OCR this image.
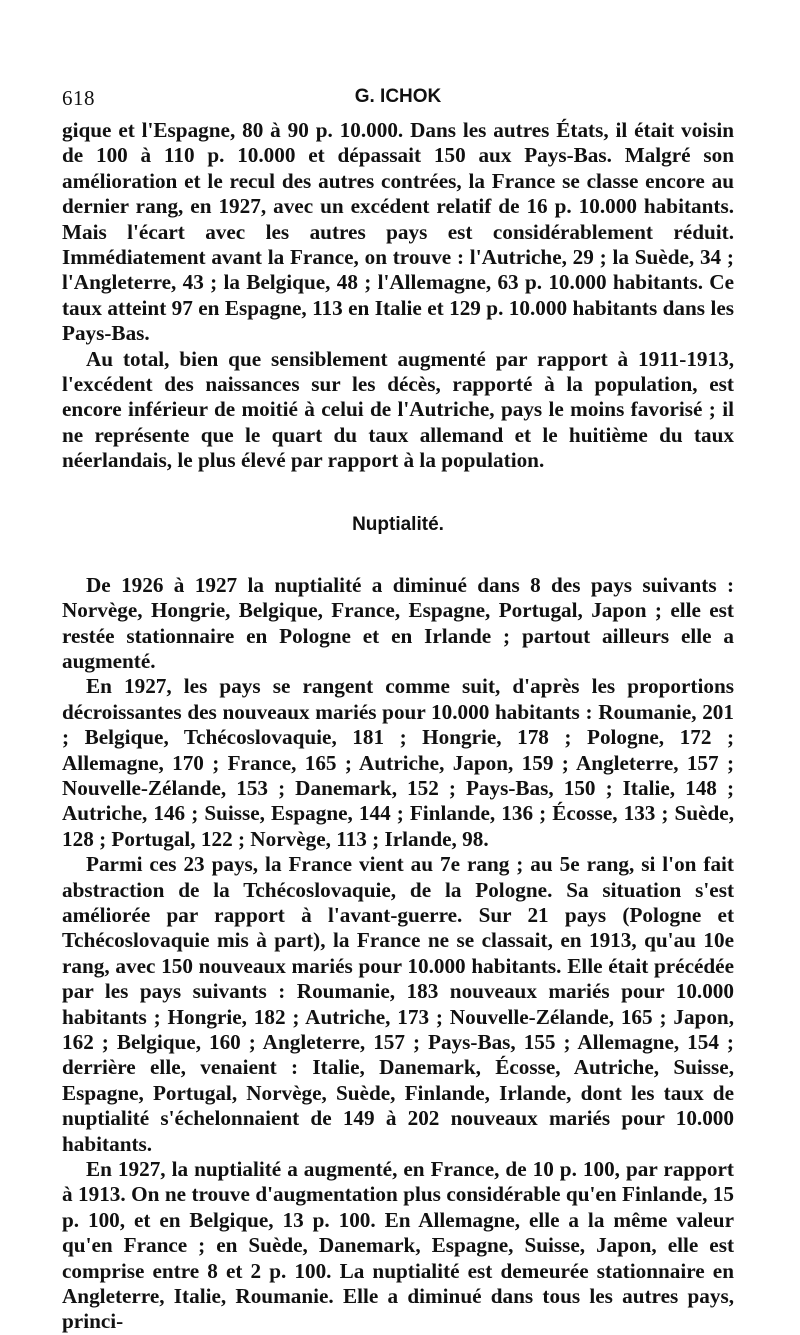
618	G. ICHOK

gique et l'Espagne, 80 à 90 p. 10.000. Dans les autres États, il était voisin de 100 à 110 p. 10.000 et dépassait 150 aux Pays-Bas. Malgré son amélioration et le recul des autres contrées, la France se classe encore au dernier rang, en 1927, avec un excédent relatif de 16 p. 10.000 habitants. Mais l'écart avec les autres pays est considérablement réduit. Immédiatement avant la France, on trouve : l'Autriche, 29 ; la Suède, 34 ; l'Angleterre, 43 ; la Belgique, 48 ; l'Allemagne, 63 p. 10.000 habitants. Ce taux atteint 97 en Espagne, 113 en Italie et 129 p. 10.000 habitants dans les Pays-Bas.

Au total, bien que sensiblement augmenté par rapport à 1911-1913, l'excédent des naissances sur les décès, rapporté à la population, est encore inférieur de moitié à celui de l'Autriche, pays le moins favorisé ; il ne représente que le quart du taux allemand et le huitième du taux néerlandais, le plus élevé par rapport à la population.

Nuptialité.

De 1926 à 1927 la nuptialité a diminué dans 8 des pays suivants : Norvège, Hongrie, Belgique, France, Espagne, Portugal, Japon ; elle est restée stationnaire en Pologne et en Irlande ; partout ailleurs elle a augmenté.

En 1927, les pays se rangent comme suit, d'après les proportions décroissantes des nouveaux mariés pour 10.000 habitants : Roumanie, 201 ; Belgique, Tchécoslovaquie, 181 ; Hongrie, 178 ; Pologne, 172 ; Allemagne, 170 ; France, 165 ; Autriche, Japon, 159 ; Angleterre, 157 ; Nouvelle-Zélande, 153 ; Danemark, 152 ; Pays-Bas, 150 ; Italie, 148 ; Autriche, 146 ; Suisse, Espagne, 144 ; Finlande, 136 ; Écosse, 133 ; Suède, 128 ; Portugal, 122 ; Norvège, 113 ; Irlande, 98.

Parmi ces 23 pays, la France vient au 7e rang ; au 5e rang, si l'on fait abstraction de la Tchécoslovaquie, de la Pologne. Sa situation s'est améliorée par rapport à l'avant-guerre. Sur 21 pays (Pologne et Tchécoslovaquie mis à part), la France ne se classait, en 1913, qu'au 10e rang, avec 150 nouveaux mariés pour 10.000 habitants. Elle était précédée par les pays suivants : Roumanie, 183 nouveaux mariés pour 10.000 habitants ; Hongrie, 182 ; Autriche, 173 ; Nouvelle-Zélande, 165 ; Japon, 162 ; Belgique, 160 ; Angleterre, 157 ; Pays-Bas, 155 ; Allemagne, 154 ; derrière elle, venaient : Italie, Danemark, Écosse, Autriche, Suisse, Espagne, Portugal, Norvège, Suède, Finlande, Irlande, dont les taux de nuptialité s'échelonnaient de 149 à 202 nouveaux mariés pour 10.000 habitants.

En 1927, la nuptialité a augmenté, en France, de 10 p. 100, par rapport à 1913. On ne trouve d'augmentation plus considérable qu'en Finlande, 15 p. 100, et en Belgique, 13 p. 100. En Allemagne, elle a la même valeur qu'en France ; en Suède, Danemark, Espagne, Suisse, Japon, elle est comprise entre 8 et 2 p. 100. La nuptialité est demeurée stationnaire en Angleterre, Italie, Roumanie. Elle a diminué dans tous les autres pays, princi-
